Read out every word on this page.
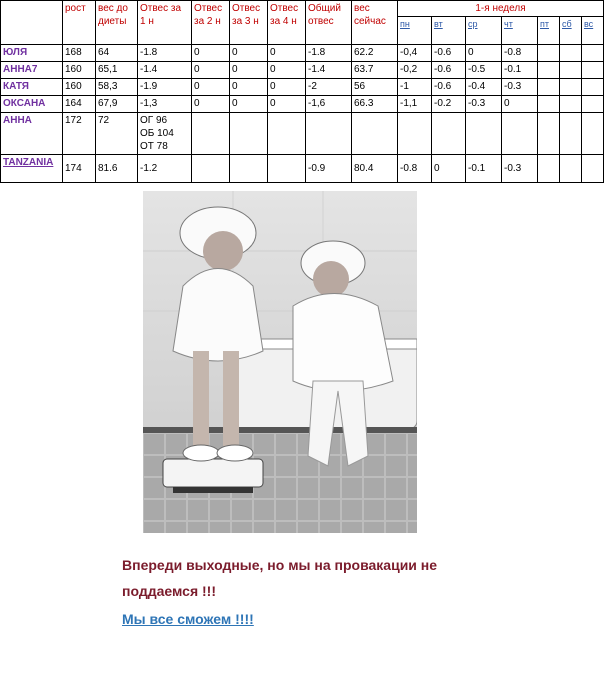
	рост	вес до диеты	Отвес за 1 н	Отвес за 2 н	Отвес за 3 н	Отвес за 4 н	Общий отвес	вес сейчас	1-я неделя						
									пн	вт	ср	чт	пт	сб	вс
ЮЛЯ	168	64	-1.8	0	0	0	-1.8	62.2	-0,4	-0.6	0	-0.8			
АННА7	160	65,1	-1.4	0	0	0	-1.4	63.7	-0,2	-0.6	-0.5	-0.1			
КАТЯ	160	58,3	-1.9	0	0	0	-2	56	-1	-0.6	-0.4	-0.3			
ОКСАНА	164	67,9	-1,3	0	0	0	-1,6	66.3	-1,1	-0.2	-0.3	0			
АННА	172	72	ОГ 96
ОБ 104
ОТ 78												
TANZANIA	174	81.6	-1.2				-0.9	80.4	-0.8	0	-0.1	-0.3			
Впереди выходные, но мы на провакации не поддаемся !!!
Мы все сможем !!!!
